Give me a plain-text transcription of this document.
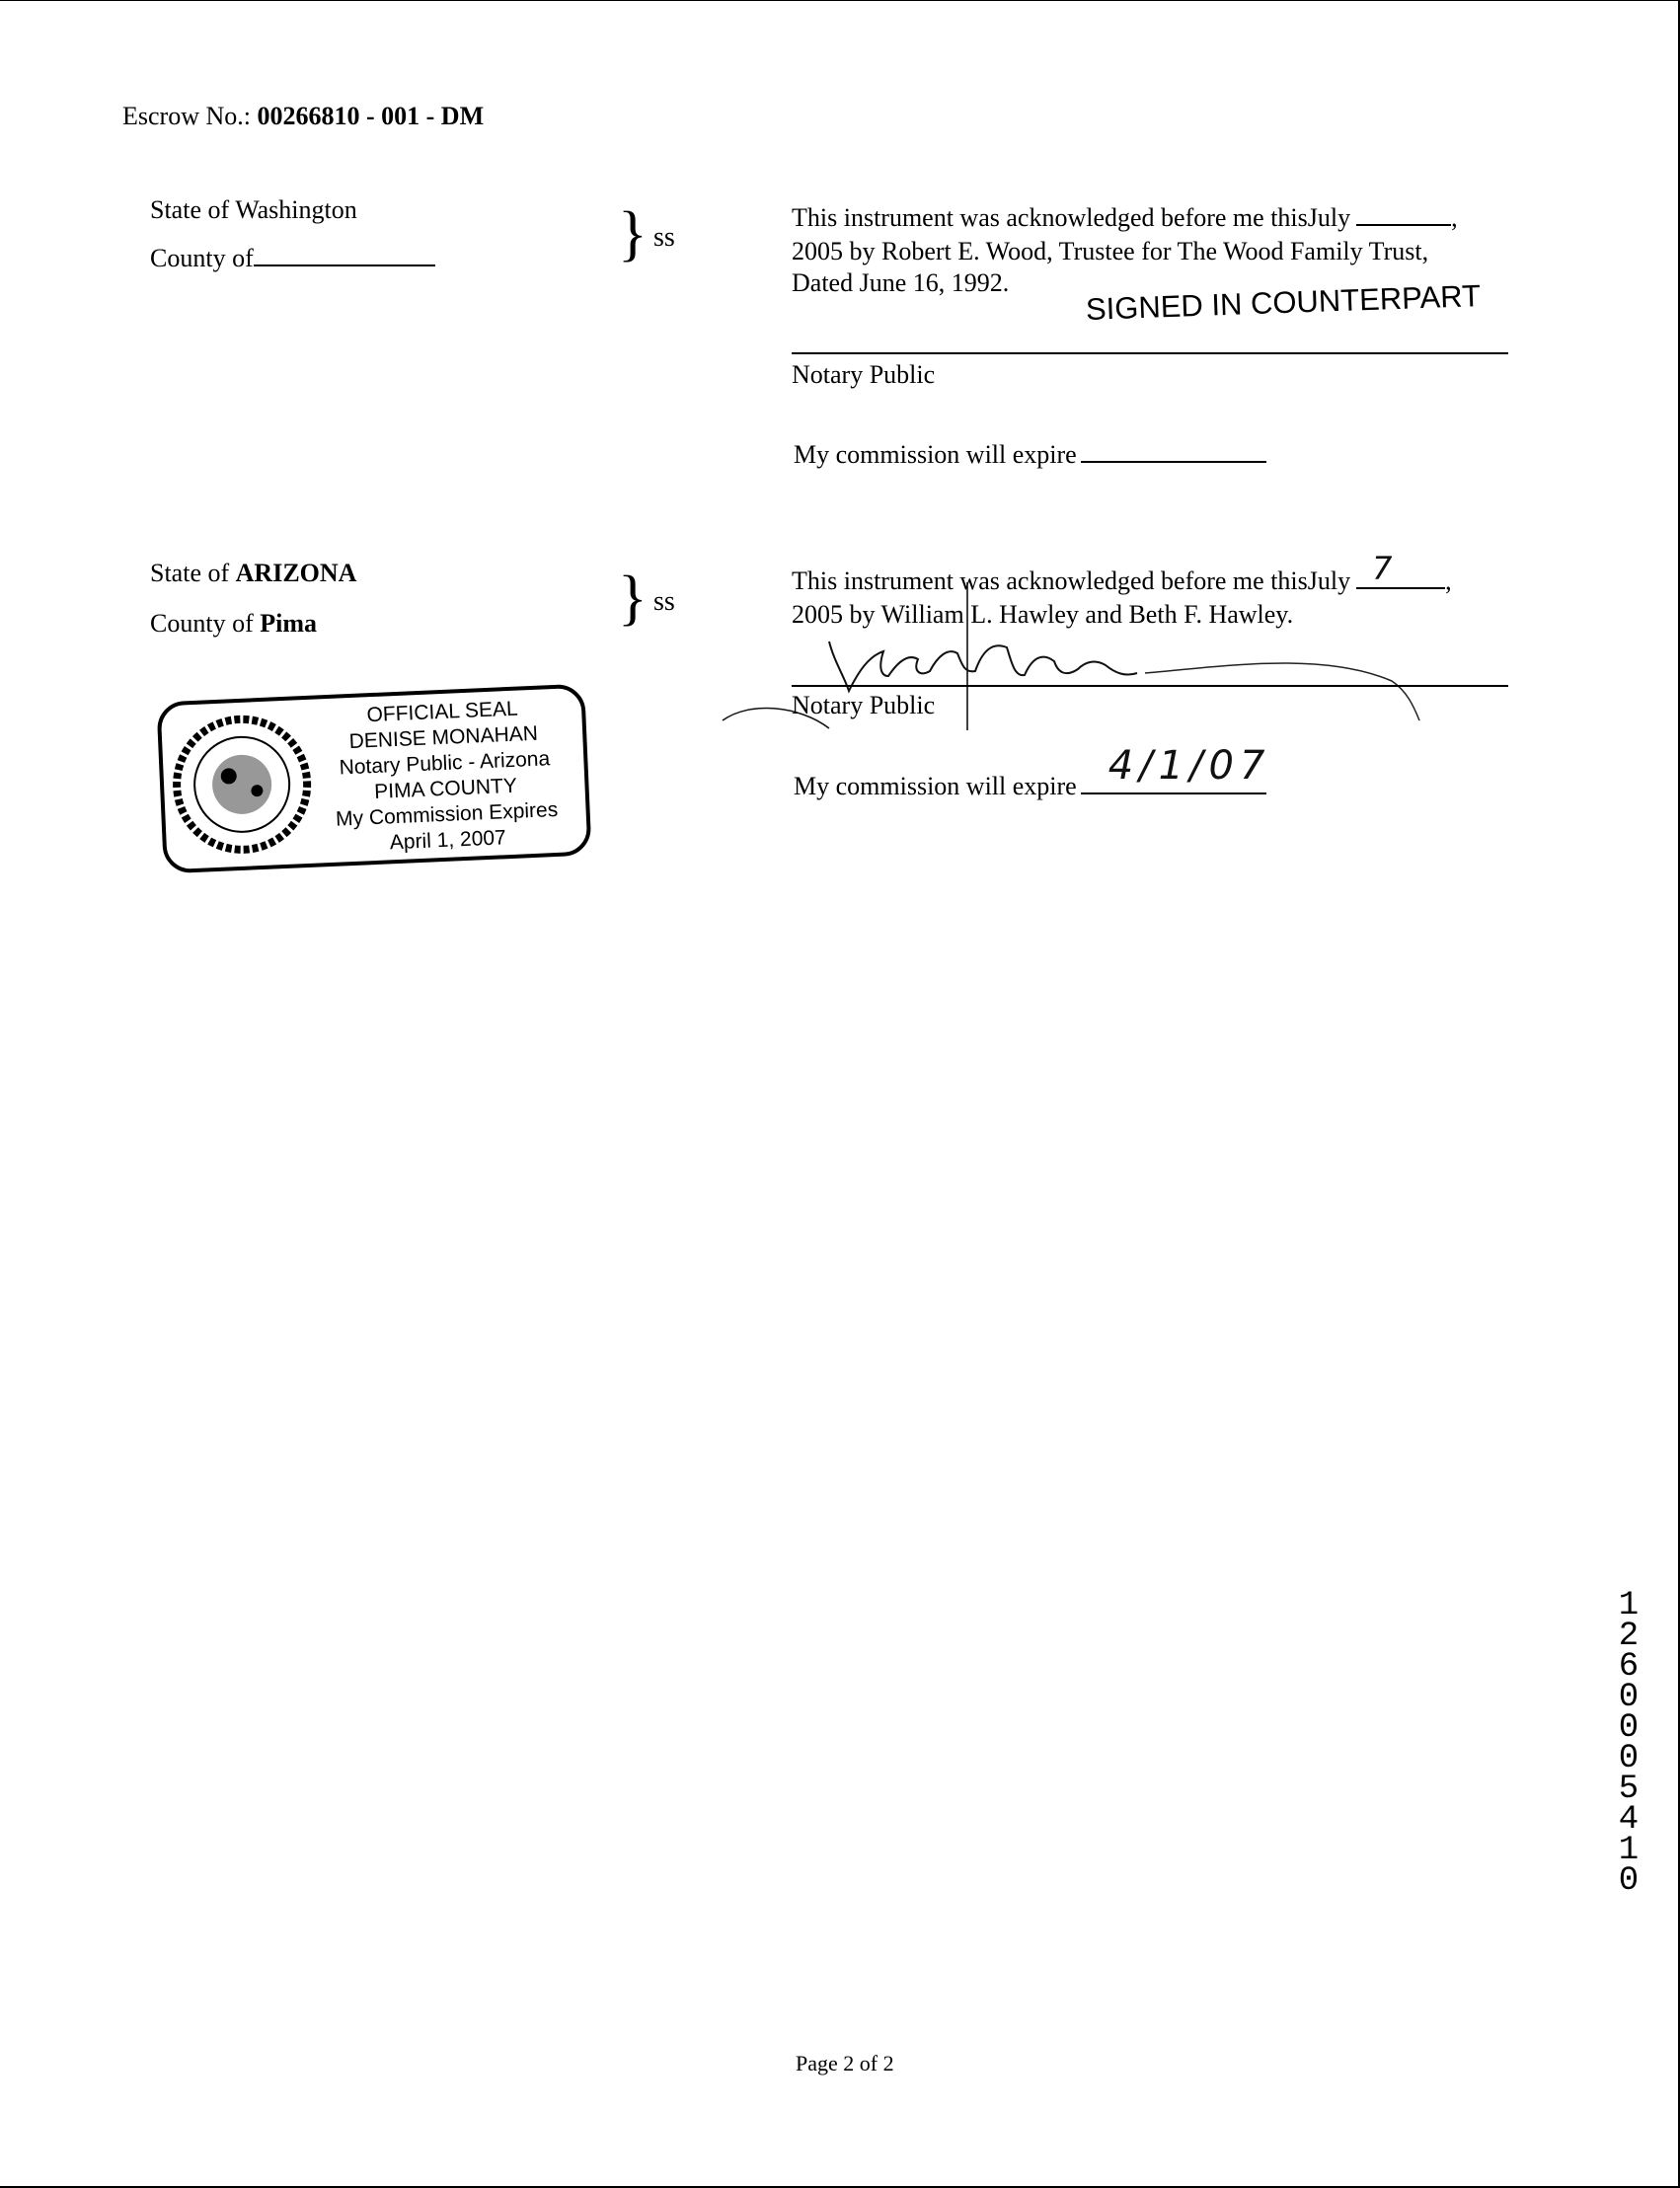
Escrow No.: 00266810 - 001 - DM
State of Washington
County of	} ss
This instrument was acknowledged before me thisJuly	,
2005 by Robert E. Wood, Trustee for The Wood Family Trust,
Dated June 16, 1992. SIGNED IN COUNTERPART
Notary Public
My commission will expire
State of ARIZONA
County of Pima	} ss
This instrument was acknowledged before me thisJuly 7 ,
2005 by William L. Hawley and Beth F. Hawley.
Notary Public
My commission will expire 4/1/07
OFFICIAL SEAL
DENISE MONAHAN
Notary Public - Arizona
PIMA COUNTY
My Commission Expires
April 1, 2007
12600 05410
Page 2 of 2
